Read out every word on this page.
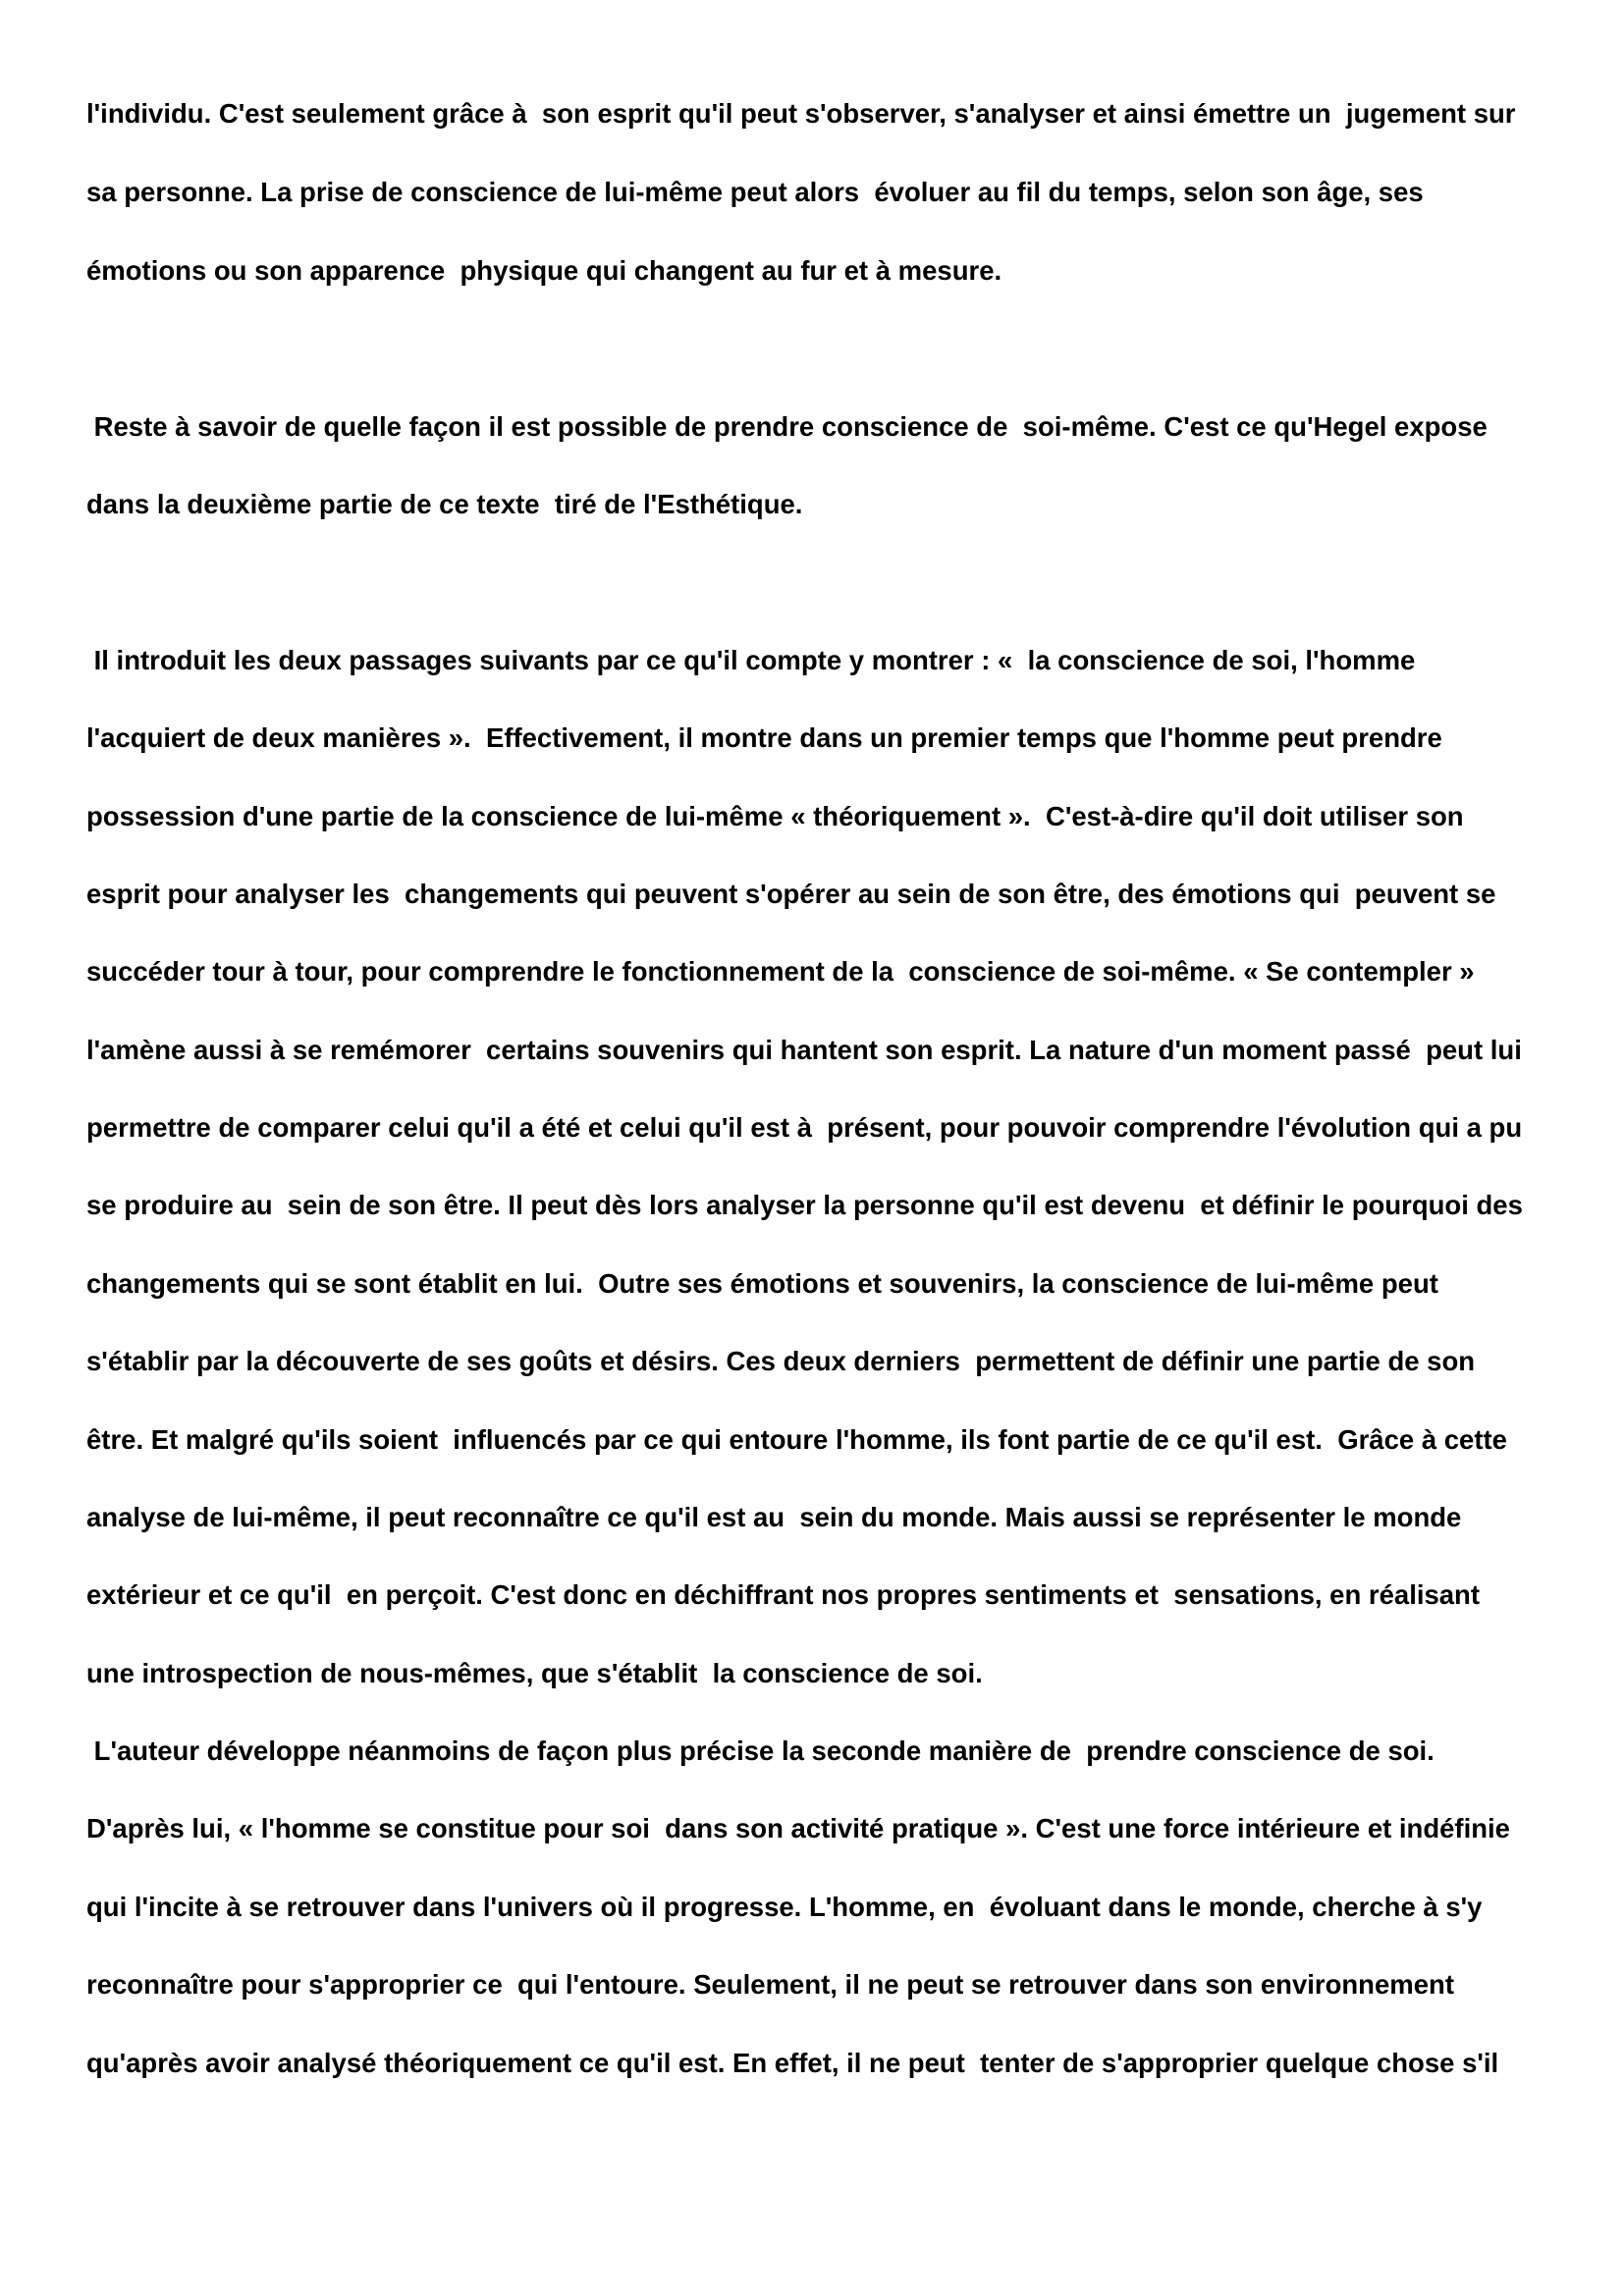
l'individu. C'est seulement grâce à  son esprit qu'il peut s'observer, s'analyser et ainsi émettre un  jugement sur
sa personne. La prise de conscience de lui-même peut alors  évoluer au fil du temps, selon son âge, ses
émotions ou son apparence  physique qui changent au fur et à mesure.
Reste à savoir de quelle façon il est possible de prendre conscience de  soi-même. C'est ce qu'Hegel expose
dans la deuxième partie de ce texte  tiré de l'Esthétique.
Il introduit les deux passages suivants par ce qu'il compte y montrer : «  la conscience de soi, l'homme
l'acquiert de deux manières ».  Effectivement, il montre dans un premier temps que l'homme peut prendre
possession d'une partie de la conscience de lui-même « théoriquement ».  C'est-à-dire qu'il doit utiliser son
esprit pour analyser les  changements qui peuvent s'opérer au sein de son être, des émotions qui  peuvent se
succéder tour à tour, pour comprendre le fonctionnement de la  conscience de soi-même. « Se contempler »
l'amène aussi à se remémorer  certains souvenirs qui hantent son esprit. La nature d'un moment passé  peut lui
permettre de comparer celui qu'il a été et celui qu'il est à  présent, pour pouvoir comprendre l'évolution qui a pu
se produire au  sein de son être. Il peut dès lors analyser la personne qu'il est devenu  et définir le pourquoi des
changements qui se sont établit en lui.  Outre ses émotions et souvenirs, la conscience de lui-même peut
s'établir par la découverte de ses goûts et désirs. Ces deux derniers  permettent de définir une partie de son
être. Et malgré qu'ils soient  influencés par ce qui entoure l'homme, ils font partie de ce qu'il est.  Grâce à cette
analyse de lui-même, il peut reconnaître ce qu'il est au  sein du monde. Mais aussi se représenter le monde
extérieur et ce qu'il  en perçoit. C'est donc en déchiffrant nos propres sentiments et  sensations, en réalisant
une introspection de nous-mêmes, que s'établit  la conscience de soi.
L'auteur développe néanmoins de façon plus précise la seconde manière de  prendre conscience de soi.
D'après lui, « l'homme se constitue pour soi  dans son activité pratique ». C'est une force intérieure et indéfinie
qui l'incite à se retrouver dans l'univers où il progresse. L'homme, en  évoluant dans le monde, cherche à s'y
reconnaître pour s'approprier ce  qui l'entoure. Seulement, il ne peut se retrouver dans son environnement
qu'après avoir analysé théoriquement ce qu'il est. En effet, il ne peut  tenter de s'approprier quelque chose s'il
